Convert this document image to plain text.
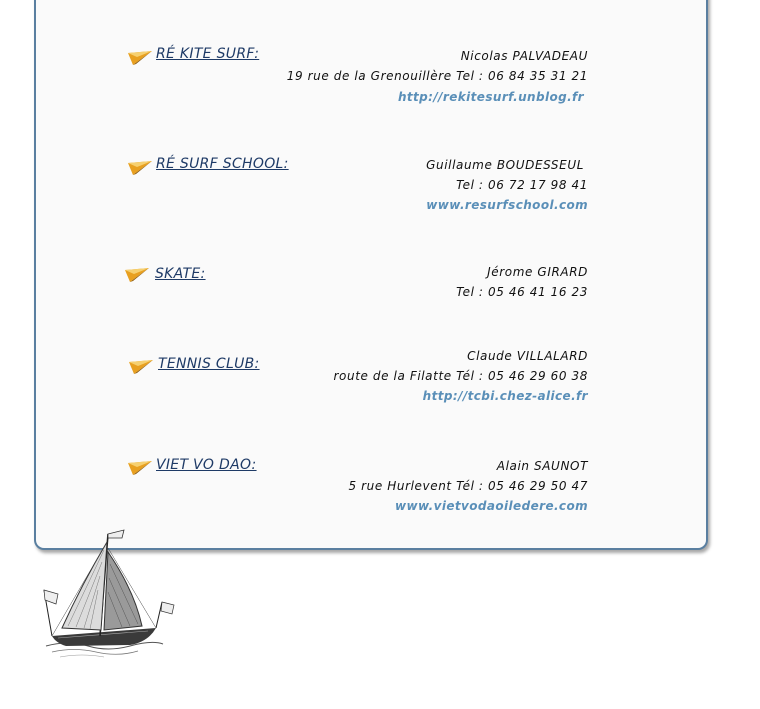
RÉ KITE SURF:	Nicolas PALVADEAU
19 rue de la Grenouillère Tel : 06 84 35 31 21
http://rekitesurf.unblog.fr
RÉ SURF SCHOOL:	Guillaume BOUDESSEUL
Tel : 06 72 17 98 41
www.resurfschool.com
SKATE:	Jérome GIRARD
Tel : 05 46 41 16 23
TENNIS CLUB:	Claude VILLALARD
route de la Filatte Tél : 05 46 29 60 38
http://tcbi.chez-alice.fr
VIET VO DAO:	Alain SAUNOT
5 rue Hurlevent Tél : 05 46 29 50 47
www.vietvodaoiledere.com
